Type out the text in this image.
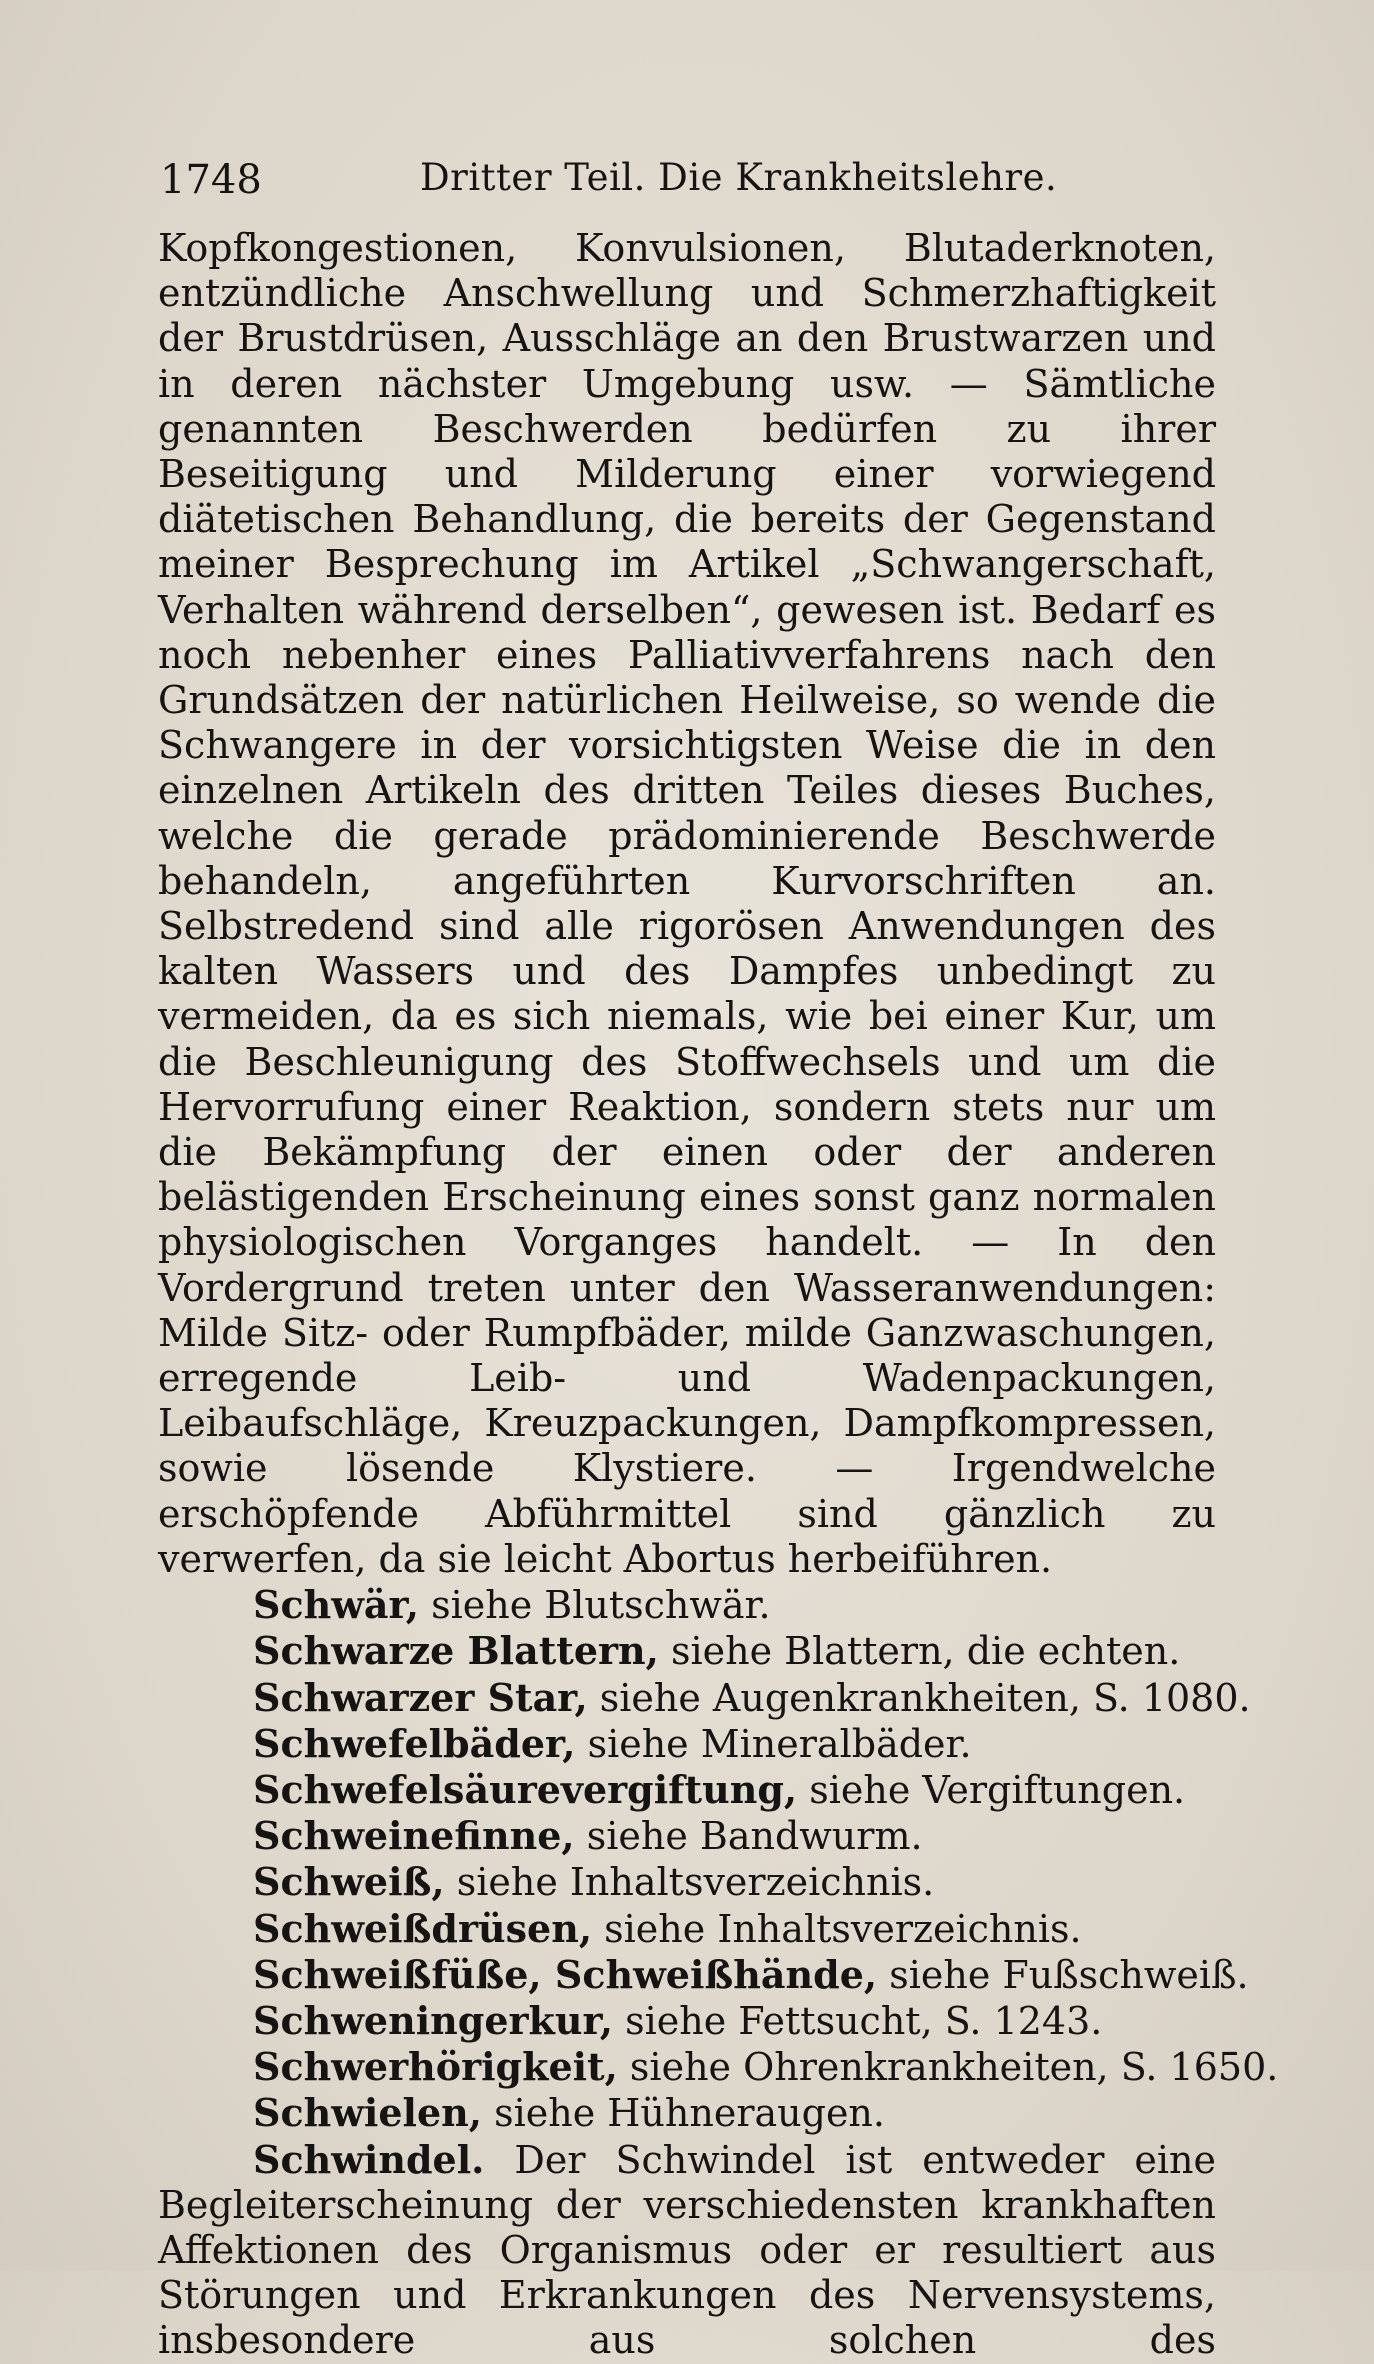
1748	Dritter Teil. Die Krankheitslehre.

Kopfkongestionen, Konvulsionen, Blutaderknoten, entzündliche Anschwellung und Schmerzhaftigkeit der Brustdrüsen, Ausschläge an den Brustwarzen und in deren nächster Umgebung usw. — Sämtliche genannten Beschwerden bedürfen zu ihrer Beseitigung und Milderung einer vorwiegend diätetischen Behandlung, die bereits der Gegenstand meiner Besprechung im Artikel „Schwangerschaft, Verhalten während derselben“, gewesen ist. Bedarf es noch nebenher eines Palliativverfahrens nach den Grundsätzen der natürlichen Heilweise, so wende die Schwangere in der vorsichtigsten Weise die in den einzelnen Artikeln des dritten Teiles dieses Buches, welche die gerade prädominierende Beschwerde behandeln, angeführten Kurvorschriften an. Selbstredend sind alle rigorösen Anwendungen des kalten Wassers und des Dampfes unbedingt zu vermeiden, da es sich niemals, wie bei einer Kur, um die Beschleunigung des Stoffwechsels und um die Hervorrufung einer Reaktion, sondern stets nur um die Bekämpfung der einen oder der anderen belästigenden Erscheinung eines sonst ganz normalen physiologischen Vorganges handelt. — In den Vordergrund treten unter den Wasseranwendungen: Milde Sitz- oder Rumpfbäder, milde Ganzwaschungen, erregende Leib- und Wadenpackungen, Leibaufschläge, Kreuzpackungen, Dampfkompressen, sowie lösende Klystiere. — Irgendwelche erschöpfende Abführmittel sind gänzlich zu verwerfen, da sie leicht Abortus herbeiführen.

Schwär, siehe Blutschwär.

Schwarze Blattern, siehe Blattern, die echten.

Schwarzer Star, siehe Augenkrankheiten, S. 1080.

Schwefelbäder, siehe Mineralbäder.

Schwefelsäurevergiftung, siehe Vergiftungen.

Schweinefinne, siehe Bandwurm.

Schweiß, siehe Inhaltsverzeichnis.

Schweißdrüsen, siehe Inhaltsverzeichnis.

Schweißfüße, Schweißhände, siehe Fußschweiß.

Schweningerkur, siehe Fettsucht, S. 1243.

Schwerhörigkeit, siehe Ohrenkrankheiten, S. 1650.

Schwielen, siehe Hühneraugen.

Schwindel. Der Schwindel ist entweder eine Begleiterscheinung der verschiedensten krankhaften Affektionen des Organismus oder er resultiert aus Störungen und Erkrankungen des Nervensystems, insbesondere aus solchen des
